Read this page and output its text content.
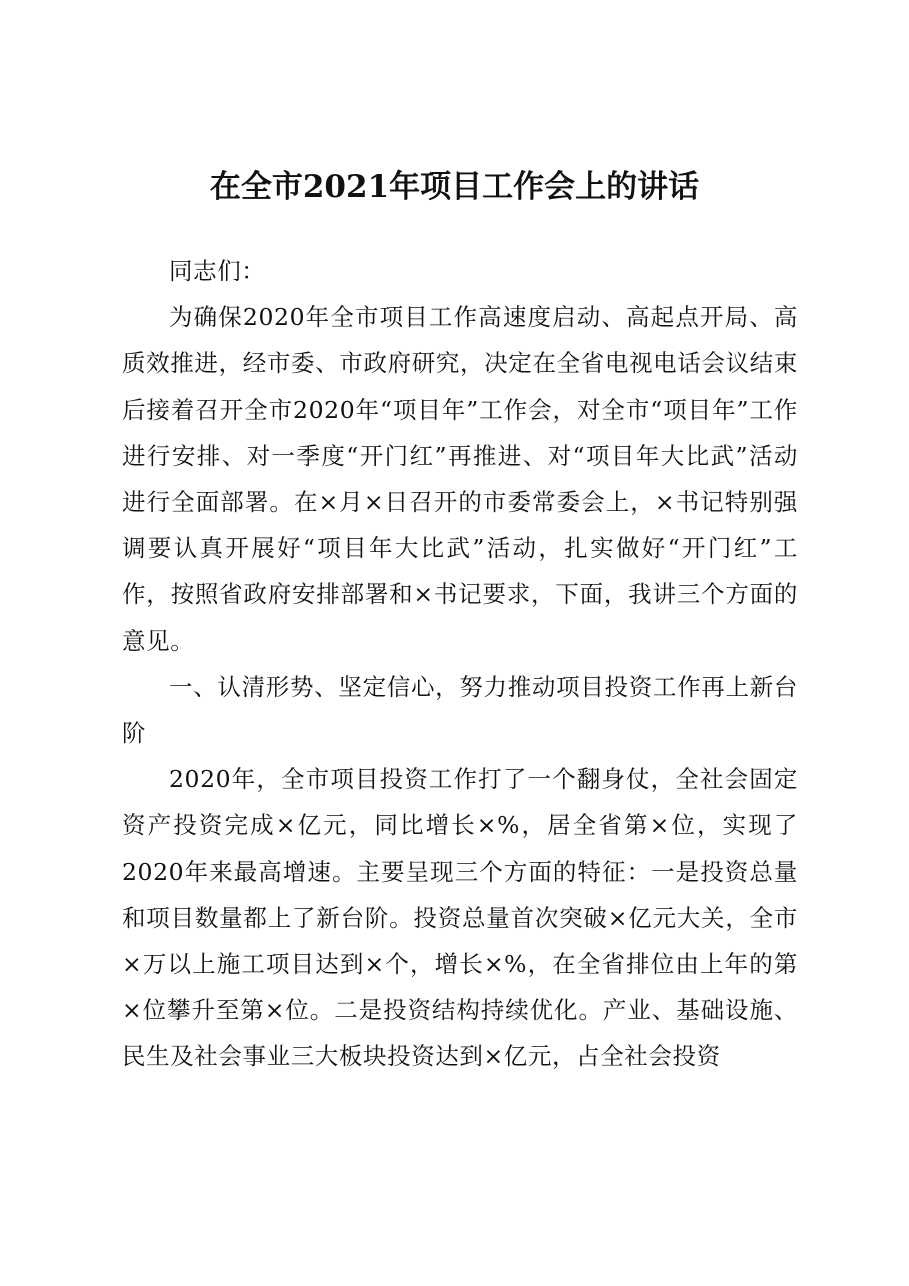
在全市2021年项目工作会上的讲话

同志们：

为确保2020年全市项目工作高速度启动、高起点开局、高质效推进，经市委、市政府研究，决定在全省电视电话会议结束后接着召开全市2020年“项目年”工作会，对全市“项目年”工作进行安排、对一季度“开门红”再推进、对“项目年大比武”活动进行全面部署。在×月×日召开的市委常委会上，×书记特别强调要认真开展好“项目年大比武”活动，扎实做好“开门红”工作，按照省政府安排部署和×书记要求，下面，我讲三个方面的意见。

一、认清形势、坚定信心，努力推动项目投资工作再上新台阶

2020年，全市项目投资工作打了一个翻身仗，全社会固定资产投资完成×亿元，同比增长×%，居全省第×位，实现了2020年来最高增速。主要呈现三个方面的特征：一是投资总量和项目数量都上了新台阶。投资总量首次突破×亿元大关，全市×万以上施工项目达到×个，增长×%，在全省排位由上年的第×位攀升至第×位。二是投资结构持续优化。产业、基础设施、民生及社会事业三大板块投资达到×亿元，占全社会投资
